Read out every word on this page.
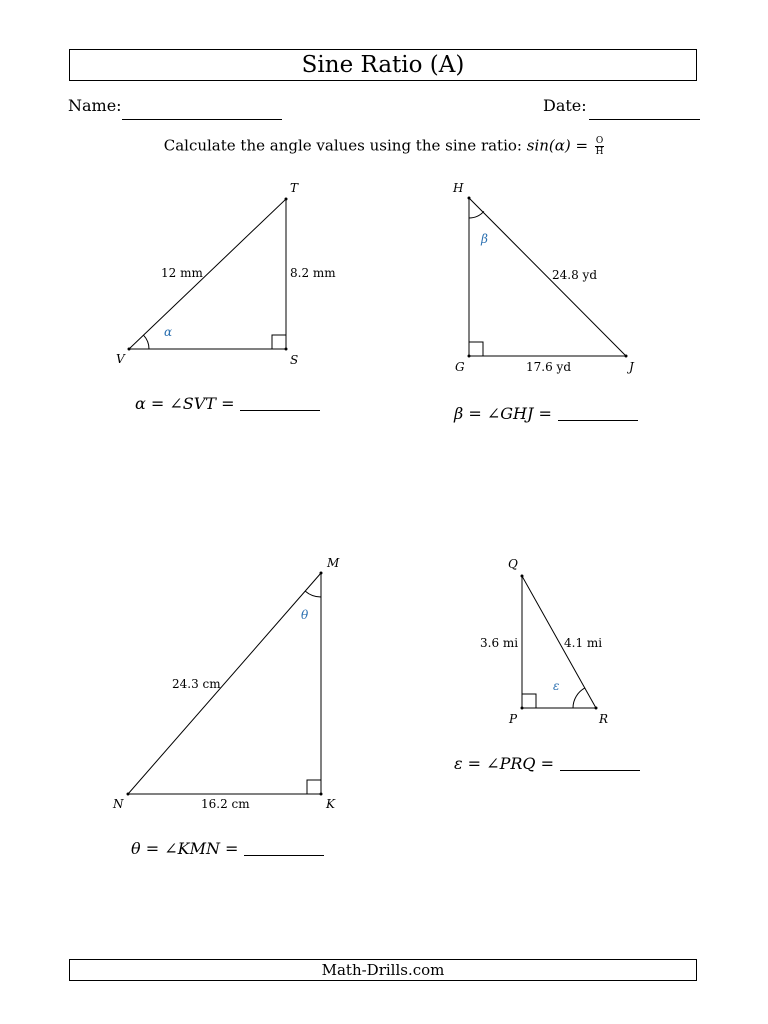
Sine Ratio (A)
Name:	Date:
Calculate the angle values using the sine ratio: $\sin(\alpha) = \frac{O}{H}$
V	S
T
α
12 mm	8.2 mm
H
G	J
β
24.8 yd
17.6 yd
M
N	K
θ
24.3 cm
16.2 cm
Q
P	R
ε
3.6 mi	4.1 mi
α = ∠SVT =
β = ∠GHJ =
θ = ∠KMN =
ε = ∠PRQ =
Math-Drills.com
